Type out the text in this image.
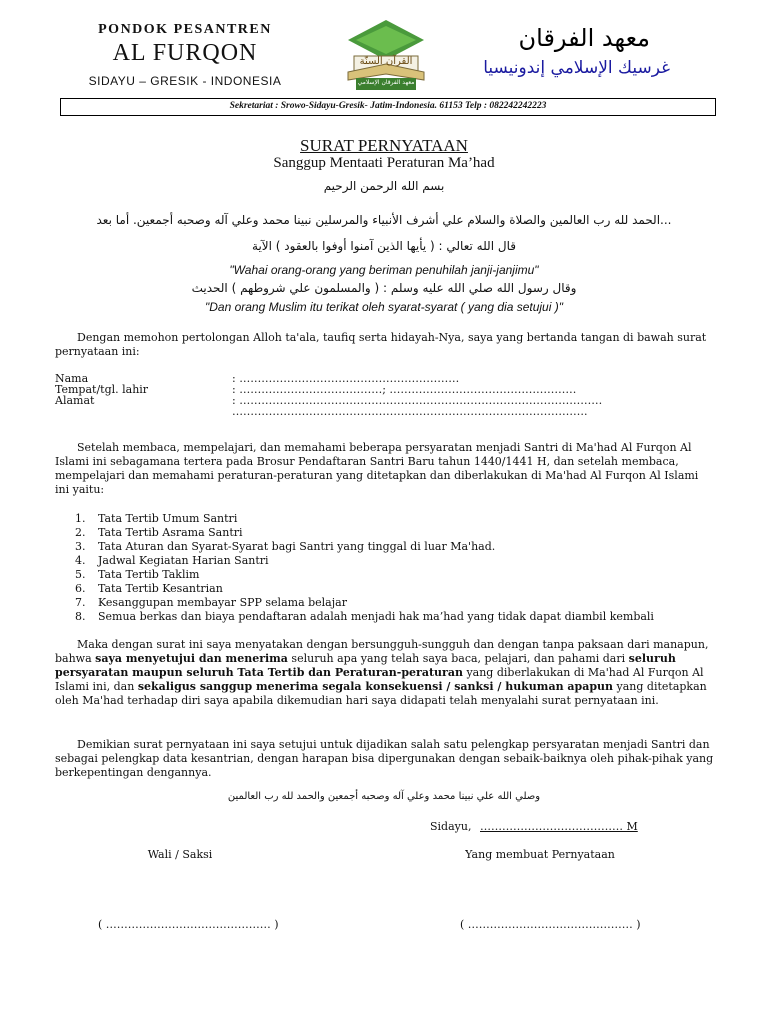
PONDOK PESANTREN
AL FURQON
SIDAYU – GRESIK - INDONESIA
القرآن السنّة
معهد الفرقان الإسلامي
معهد الفرقان
غرسيك الإسلامي إندونيسيا
Sekretariat : Srowo-Sidayu-Gresik- Jatim-Indonesia. 61153 Telp : 082242242223
SURAT PERNYATAAN
Sanggup Mentaati Peraturan Ma’had
بسم الله الرحمن الرحيم
...الحمد لله رب العالمين والصلاة والسلام علي أشرف الأنبياء والمرسلين نبينا محمد وعلي آله وصحبه أجمعين. أما بعد
قال الله تعالي : ( يأيها الذين آمنوا أوفوا بالعقود ) الآية
"Wahai orang-orang yang beriman penuhilah janji-janjimu"
وقال رسول الله صلي الله عليه وسلم : ( والمسلمون علي شروطهم ) الحديث
"Dan orang Muslim itu terikat oleh syarat-syarat ( yang dia setujui )"
Dengan memohon pertolongan Alloh ta'ala, taufiq serta hidayah-Nya, saya yang bertanda tangan di bawah surat pernyataan ini:
Nama	: ……………………………………………………
Tempat/tgl. lahir	: …………………………………; ……………………………………………
Alamat	: ………………………………………………………………………………………
…………………………………………………………………………………….
Setelah membaca, mempelajari, dan memahami beberapa persyaratan menjadi Santri di Ma'had Al Furqon Al Islami ini sebagamana tertera pada Brosur Pendaftaran Santri Baru tahun 1440/1441 H, dan setelah membaca, mempelajari dan memahami peraturan-peraturan yang ditetapkan dan diberlakukan di Ma'had Al Furqon Al Islami ini yaitu:
1.	Tata Tertib Umum Santri
2.	Tata Tertib Asrama Santri
3.	Tata Aturan dan Syarat-Syarat bagi Santri yang tinggal di luar Ma'had.
4.	Jadwal Kegiatan Harian Santri
5.	Tata Tertib Taklim
6.	Tata Tertib Kesantrian
7.	Kesanggupan membayar SPP selama belajar
8.	Semua berkas dan biaya pendaftaran adalah menjadi hak ma’had yang tidak dapat diambil kembali
Maka dengan surat ini saya menyatakan dengan bersungguh-sungguh dan dengan tanpa paksaan dari manapun, bahwa saya menyetujui dan menerima seluruh apa yang telah saya baca, pelajari, dan pahami dari seluruh persyaratan maupun seluruh Tata Tertib dan Peraturan-peraturan yang diberlakukan di Ma'had Al Furqon Al Islami ini, dan sekaligus sanggup menerima segala konsekuensi / sanksi / hukuman apapun yang ditetapkan oleh Ma'had terhadap diri saya apabila dikemudian hari saya didapati telah menyalahi surat pernyataan ini.
Demikian surat pernyataan ini saya setujui untuk dijadikan salah satu pelengkap persyaratan menjadi Santri dan sebagai pelengkap data kesantrian, dengan harapan bisa dipergunakan dengan sebaik-baiknya oleh pihak-pihak yang berkepentingan dengannya.
وصلي الله علي نبينا محمد وعلي آله وصحبه أجمعين والحمد لله رب العالمين
Sidayu, ………………………………… M
Wali / Saksi	Yang membuat Pernyataan
( ……………………………………… )	( ……………………………………… )
